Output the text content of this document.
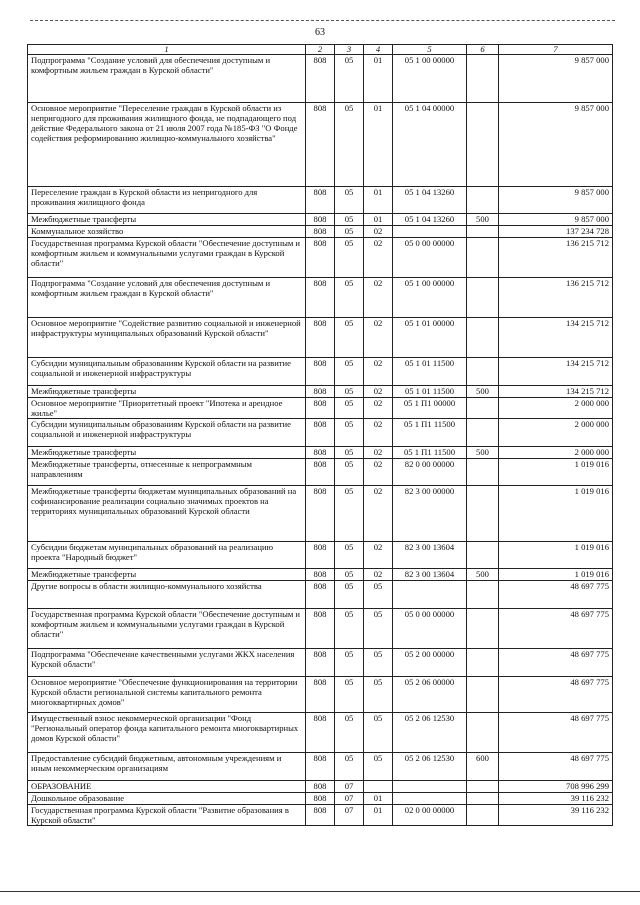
63
1	2	3	4	5	6	7
Подпрограмма "Создание условий для обеспечения доступным и комфортным жильем граждан в Курской области"	808	05	01	05 1 00 00000		9 857 000
Основное мероприятие "Переселение граждан в Курской области из непригодного для проживания жилищного фонда, не подпадающего под действие Федерального закона от 21 июля 2007 года №185-ФЗ "О Фонде содействия реформированию жилищно-коммунального хозяйства"	808	05	01	05 1 04 00000		9 857 000
Переселение граждан в Курской области из непригодного для проживания жилищного фонда	808	05	01	05 1 04 13260		9 857 000
Межбюджетные трансферты	808	05	01	05 1 04 13260	500	9 857 000
Коммунальное хозяйство	808	05	02			137 234 728
Государственная программа Курской области "Обеспечение доступным и комфортным жильем и коммунальными услугами граждан в Курской области"	808	05	02	05 0 00 00000		136 215 712
Подпрограмма "Создание условий для обеспечения доступным и комфортным жильем граждан в Курской области"	808	05	02	05 1 00 00000		136 215 712
Основное мероприятие "Содействие развитию социальной и инженерной инфраструктуры муниципальных образований Курской области"	808	05	02	05 1 01 00000		134 215 712
Субсидии муниципальным образованиям Курской области на развитие социальной и инженерной инфраструктуры	808	05	02	05 1 01 11500		134 215 712
Межбюджетные трансферты	808	05	02	05 1 01 11500	500	134 215 712
Основное мероприятие "Приоритетный проект "Ипотека и арендное жилье"	808	05	02	05 1 П1 00000		2 000 000
Субсидии муниципальным образованиям Курской области на развитие социальной и инженерной инфраструктуры	808	05	02	05 1 П1 11500		2 000 000
Межбюджетные трансферты	808	05	02	05 1 П1 11500	500	2 000 000
Межбюджетные трансферты, отнесенные к непрограммным направлениям	808	05	02	82 0 00 00000		1 019 016
Межбюджетные трансферты бюджетам муниципальных образований на софинансирование реализации социально значимых проектов на территориях муниципальных образований Курской области	808	05	02	82 3 00 00000		1 019 016
Субсидии бюджетам муниципальных образований на реализацию проекта "Народный бюджет"	808	05	02	82 3 00 13604		1 019 016
Межбюджетные трансферты	808	05	02	82 3 00 13604	500	1 019 016
Другие вопросы в области жилищно-коммунального хозяйства	808	05	05			48 697 775
Государственная программа Курской области "Обеспечение доступным и комфортным жильем и коммунальными услугами граждан в Курской области"	808	05	05	05 0 00 00000		48 697 775
Подпрограмма "Обеспечение качественными услугами ЖКХ населения Курской области"	808	05	05	05 2 00 00000		48 697 775
Основное мероприятие "Обеспечение функционирования на территории Курской области региональной системы капитального ремонта многоквартирных домов"	808	05	05	05 2 06 00000		48 697 775
Имущественный взнос некоммерческой организации "Фонд "Региональный оператор фонда капитального ремонта многоквартирных домов Курской области"	808	05	05	05 2 06 12530		48 697 775
Предоставление субсидий бюджетным, автономным учреждениям и иным некоммерческим организациям	808	05	05	05 2 06 12530	600	48 697 775
ОБРАЗОВАНИЕ	808	07				708 996 299
Дошкольное образование	808	07	01			39 116 232
Государственная программа Курской области "Развитие образования в Курской области"	808	07	01	02 0 00 00000		39 116 232
